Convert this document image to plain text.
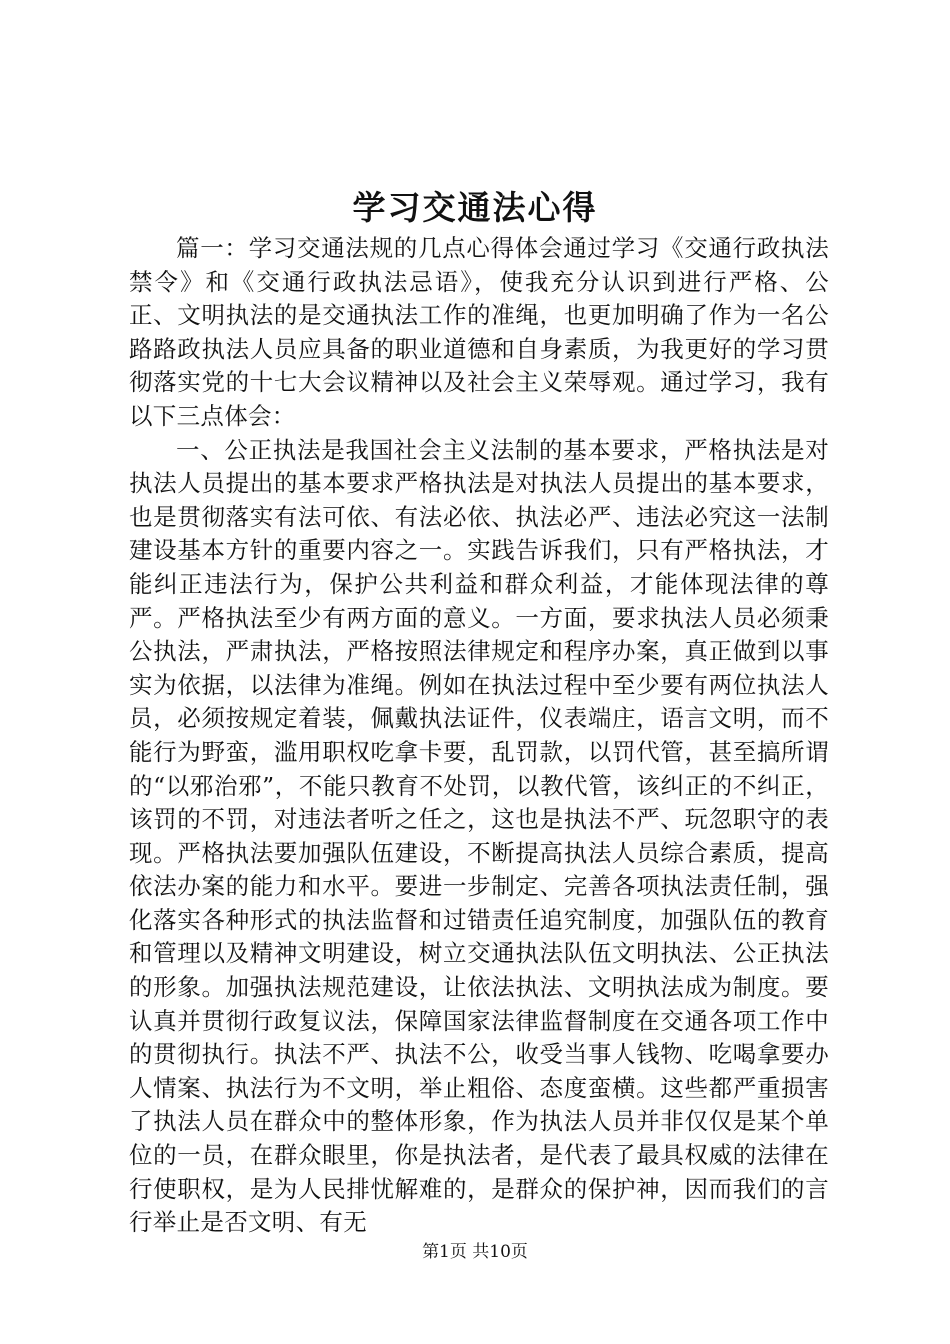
学习交通法心得

篇一：学习交通法规的几点心得体会通过学习《交通行政执法禁令》和《交通行政执法忌语》，使我充分认识到进行严格、公正、文明执法的是交通执法工作的准绳，也更加明确了作为一名公路路政执法人员应具备的职业道德和自身素质，为我更好的学习贯彻落实党的十七大会议精神以及社会主义荣辱观。通过学习，我有以下三点体会：

一、公正执法是我国社会主义法制的基本要求，严格执法是对执法人员提出的基本要求严格执法是对执法人员提出的基本要求，也是贯彻落实有法可依、有法必依、执法必严、违法必究这一法制建设基本方针的重要内容之一。实践告诉我们，只有严格执法，才能纠正违法行为，保护公共利益和群众利益，才能体现法律的尊严。严格执法至少有两方面的意义。一方面，要求执法人员必须秉公执法，严肃执法，严格按照法律规定和程序办案，真正做到以事实为依据，以法律为准绳。例如在执法过程中至少要有两位执法人员，必须按规定着装，佩戴执法证件，仪表端庄，语言文明，而不能行为野蛮，滥用职权吃拿卡要，乱罚款，以罚代管，甚至搞所谓的“以邪治邪”，不能只教育不处罚，以教代管，该纠正的不纠正，该罚的不罚，对违法者听之任之，这也是执法不严、玩忽职守的表现。严格执法要加强队伍建设，不断提高执法人员综合素质，提高依法办案的能力和水平。要进一步制定、完善各项执法责任制，强化落实各种形式的执法监督和过错责任追究制度，加强队伍的教育和管理以及精神文明建设，树立交通执法队伍文明执法、公正执法的形象。加强执法规范建设，让依法执法、文明执法成为制度。要认真并贯彻行政复议法，保障国家法律监督制度在交通各项工作中的贯彻执行。执法不严、执法不公，收受当事人钱物、吃喝拿要办人情案、执法行为不文明，举止粗俗、态度蛮横。这些都严重损害了执法人员在群众中的整体形象，作为执法人员并非仅仅是某个单位的一员，在群众眼里，你是执法者，是代表了最具权威的法律在行使职权，是为人民排忧解难的，是群众的保护神，因而我们的言行举止是否文明、有无

第1页 共10页
